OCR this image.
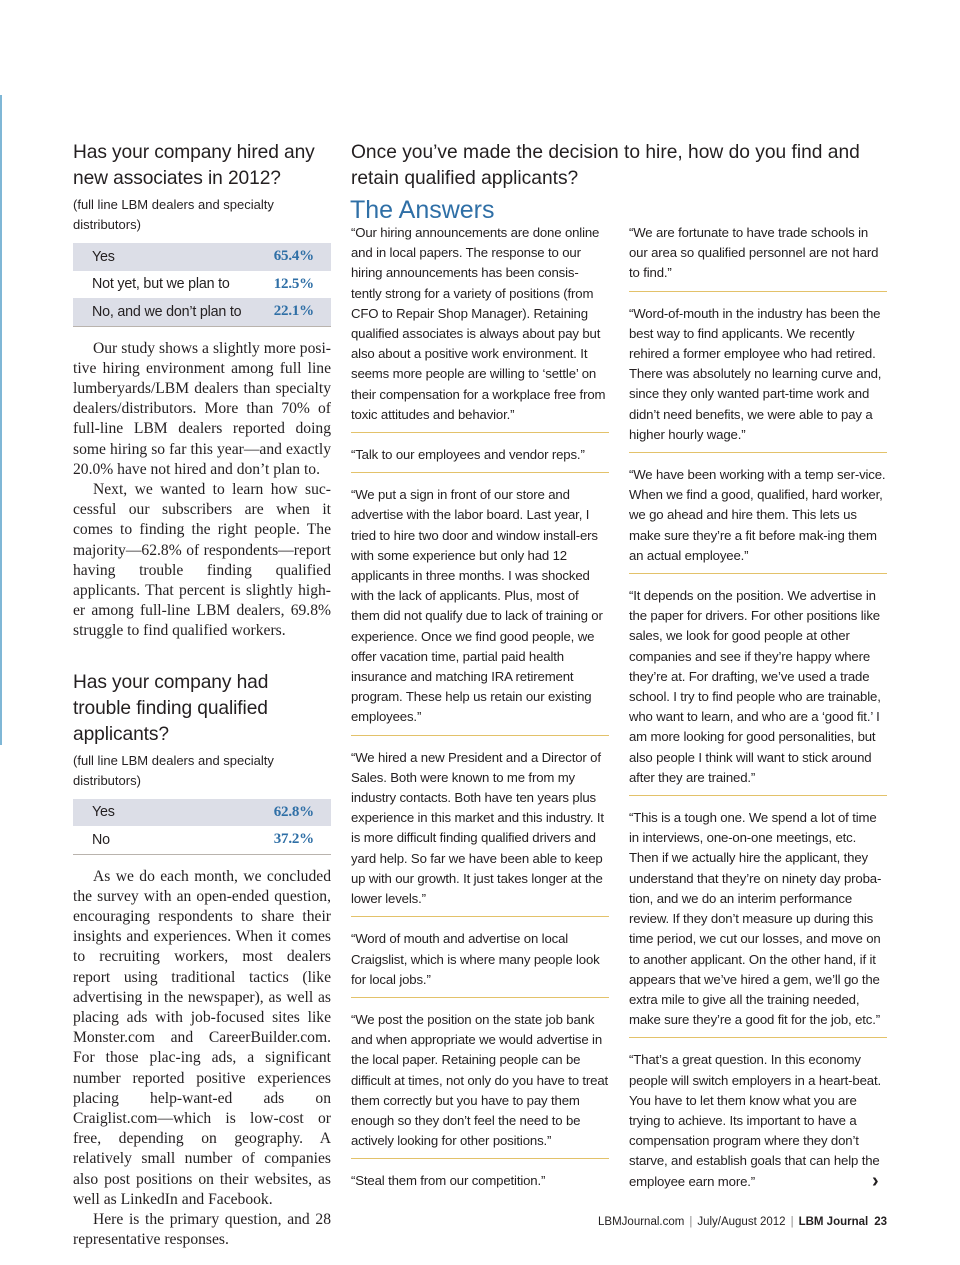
Has your company hired any new associates in 2012?
(full line LBM dealers and specialty distributors)
Yes	65.4%
Not yet, but we plan to	12.5%
No, and we don’t plan to 22.1%

Our study shows a slightly more posi-tive hiring environment among full line lumberyards/LBM dealers than specialty dealers/distributors. More than 70% of full-line LBM dealers reported doing some hiring so far this year—and exactly 20.0% have not hired and don’t plan to.

Next, we wanted to learn how suc-cessful our subscribers are when it comes to finding the right people. The majority—62.8% of respondents—report having trouble finding qualified applicants. That percent is slightly high-er among full-line LBM dealers, 69.8% struggle to find qualified workers.

Has your company had trouble finding qualified applicants?
(full line LBM dealers and specialty distributors)
Yes	62.8%
No	37.2%

As we do each month, we concluded the survey with an open-ended question, encouraging respondents to share their insights and experiences. When it comes to recruiting workers, most dealers report using traditional tactics (like advertising in the newspaper), as well as placing ads with job-focused sites like Monster.com and CareerBuilder.com. For those plac-ing ads, a significant number reported positive experiences placing help-want-ed ads on Craiglist.com—which is low-cost or free, depending on geography. A relatively small number of companies also post positions on their websites, as well as LinkedIn and Facebook.

Here is the primary question, and 28 representative responses.

Once you’ve made the decision to hire, how do you find and retain qualified applicants?
The Answers

“Our hiring announcements are done online and in local papers. The response to our hiring announcements has been consis-tently strong for a variety of positions (from CFO to Repair Shop Manager). Retaining qualified associates is always about pay but also about a positive work environment. It seems more people are willing to ‘settle’ on their compensation for a workplace free from toxic attitudes and behavior.”

“Talk to our employees and vendor reps.”

“We put a sign in front of our store and advertise with the labor board. Last year, I tried to hire two door and window install-ers with some experience but only had 12 applicants in three months. I was shocked with the lack of applicants. Plus, most of them did not qualify due to lack of training or experience. Once we find good people, we offer vacation time, partial paid health insurance and matching IRA retirement program. These help us retain our existing employees.”

“We hired a new President and a Director of Sales. Both were known to me from my industry contacts. Both have ten years plus experience in this market and this industry. It is more difficult finding qualified drivers and yard help. So far we have been able to keep up with our growth. It just takes longer at the lower levels.”

“Word of mouth and advertise on local Craigslist, which is where many people look for local jobs.”

“We post the position on the state job bank and when appropriate we would advertise in the local paper. Retaining people can be difficult at times, not only do you have to treat them correctly but you have to pay them enough so they don’t feel the need to be actively looking for other positions.”

“Steal them from our competition.”

“We are fortunate to have trade schools in our area so qualified personnel are not hard to find.”

“Word-of-mouth in the industry has been the best way to find applicants. We recently rehired a former employee who had retired. There was absolutely no learning curve and, since they only wanted part-time work and didn’t need benefits, we were able to pay a higher hourly wage.”

“We have been working with a temp ser-vice. When we find a good, qualified, hard worker, we go ahead and hire them. This lets us make sure they’re a fit before mak-ing them an actual employee.”

“It depends on the position. We advertise in the paper for drivers. For other positions like sales, we look for good people at other companies and see if they’re happy where they’re at. For drafting, we’ve used a trade school. I try to find people who are trainable, who want to learn, and who are a ‘good fit.’ I am more looking for good personalities, but also people I think will want to stick around after they are trained.”

“This is a tough one. We spend a lot of time in interviews, one-on-one meetings, etc. Then if we actually hire the applicant, they understand that they’re on ninety day proba-tion, and we do an interim performance review. If they don’t measure up during this time period, we cut our losses, and move on to another applicant. On the other hand, if it appears that we’ve hired a gem, we’ll go the extra mile to give all the training needed, make sure they’re a good fit for the job, etc.”

“That’s a great question. In this economy people will switch employers in a heart-beat. You have to let them know what you are trying to achieve. Its important to have a compensation program where they don’t starve, and establish goals that can help the employee earn more.”	›
LBMJournal.com | July/August 2012 | LBM Journal 23
